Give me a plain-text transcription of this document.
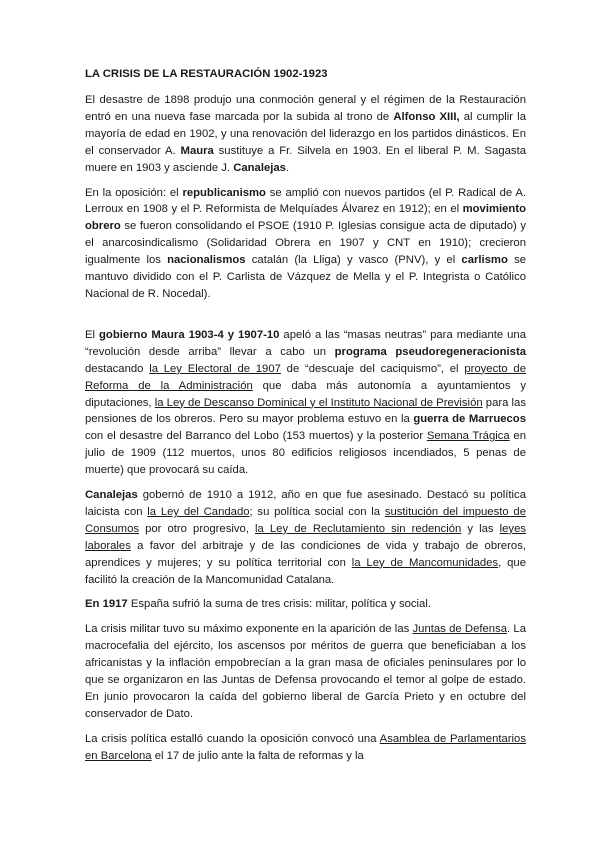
LA CRISIS DE LA RESTAURACIÓN 1902-1923

El desastre de 1898 produjo una conmoción general y el régimen de la Restauración entró en una nueva fase marcada por la subida al trono de Alfonso XIII, al cumplir la mayoría de edad en 1902, y una renovación del liderazgo en los partidos dinásticos. En el conservador A. Maura sustituye a Fr. Silvela en 1903. En el liberal P. M. Sagasta muere en 1903 y asciende J. Canalejas.

En la oposición: el republicanismo se amplió con nuevos partidos (el P. Radical de A. Lerroux en 1908 y el P. Reformista de Melquíades Álvarez en 1912); en el movimiento obrero se fueron consolidando el PSOE (1910 P. Iglesias consigue acta de diputado) y el anarcosindicalismo (Solidaridad Obrera en 1907 y CNT en 1910); crecieron igualmente los nacionalismos catalán (la Lliga) y vasco (PNV), y el carlismo se mantuvo dividido con el P. Carlista de Vázquez de Mella y el P. Integrista o Católico Nacional de R. Nocedal).

El gobierno Maura 1903-4 y 1907-10 apeló a las “masas neutras” para mediante una “revolución desde arriba” llevar a cabo un programa pseudoregeneracionista destacando la Ley Electoral de 1907 de “descuaje del caciquismo”, el proyecto de Reforma de la Administración que daba más autonomía a ayuntamientos y diputaciones, la Ley de Descanso Dominical y el Instituto Nacional de Previsión para las pensiones de los obreros. Pero su mayor problema estuvo en la guerra de Marruecos con el desastre del Barranco del Lobo (153 muertos) y la posterior Semana Trágica en julio de 1909 (112 muertos, unos 80 edificios religiosos incendiados, 5 penas de muerte) que provocará su caída.

Canalejas gobernó de 1910 a 1912, año en que fue asesinado. Destacó su política laicista con la Ley del Candado; su política social con la sustitución del impuesto de Consumos por otro progresivo, la Ley de Reclutamiento sin redención y las leyes laborales a favor del arbitraje y de las condiciones de vida y trabajo de obreros, aprendices y mujeres; y su política territorial con la Ley de Mancomunidades, que facilitó la creación de la Mancomunidad Catalana.

En 1917 España sufrió la suma de tres crisis: militar, política y social.

La crisis militar tuvo su máximo exponente en la aparición de las Juntas de Defensa. La macrocefalia del ejército, los ascensos por méritos de guerra que beneficiaban a los africanistas y la inflación empobrecían a la gran masa de oficiales peninsulares por lo que se organizaron en las Juntas de Defensa provocando el temor al golpe de estado. En junio provocaron la caída del gobierno liberal de García Prieto y en octubre del conservador de Dato.

La crisis política estalló cuando la oposición convocó una Asamblea de Parlamentarios en Barcelona el 17 de julio ante la falta de reformas y la
